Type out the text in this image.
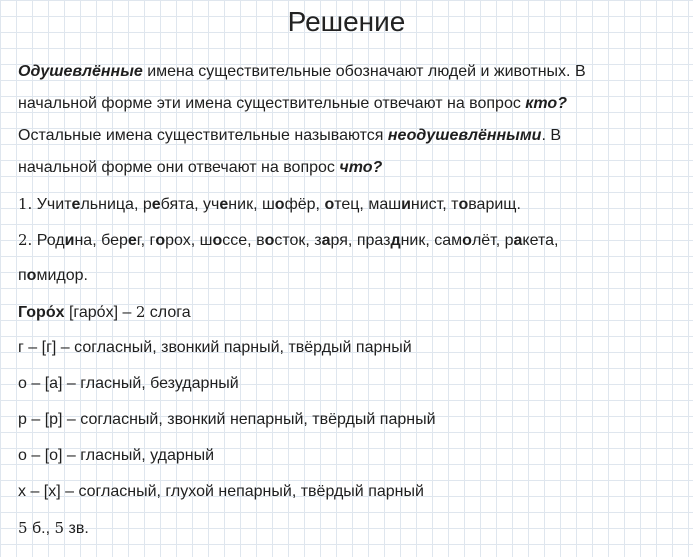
Решение
Одушевлённые имена существительные обозначают людей и животных. В
начальной форме эти имена существительные отвечают на вопрос кто?
Остальные имена существительные называются неодушевлёнными. В
начальной форме они отвечают на вопрос что?
1. Учительница, ребята, ученик, шофёр, отец, машинист, товарищ.
2. Родина, берег, горох, шоссе, восток, заря, праздник, самолёт, ракета,
помидор.
Горо́х [гаро́х] – 2 слога
г – [г] – согласный, звонкий парный, твёрдый парный
о – [а] – гласный, безударный
р – [р] – согласный, звонкий непарный, твёрдый парный
о – [о] – гласный, ударный
х – [х] – согласный, глухой непарный, твёрдый парный
5 б., 5 зв.
